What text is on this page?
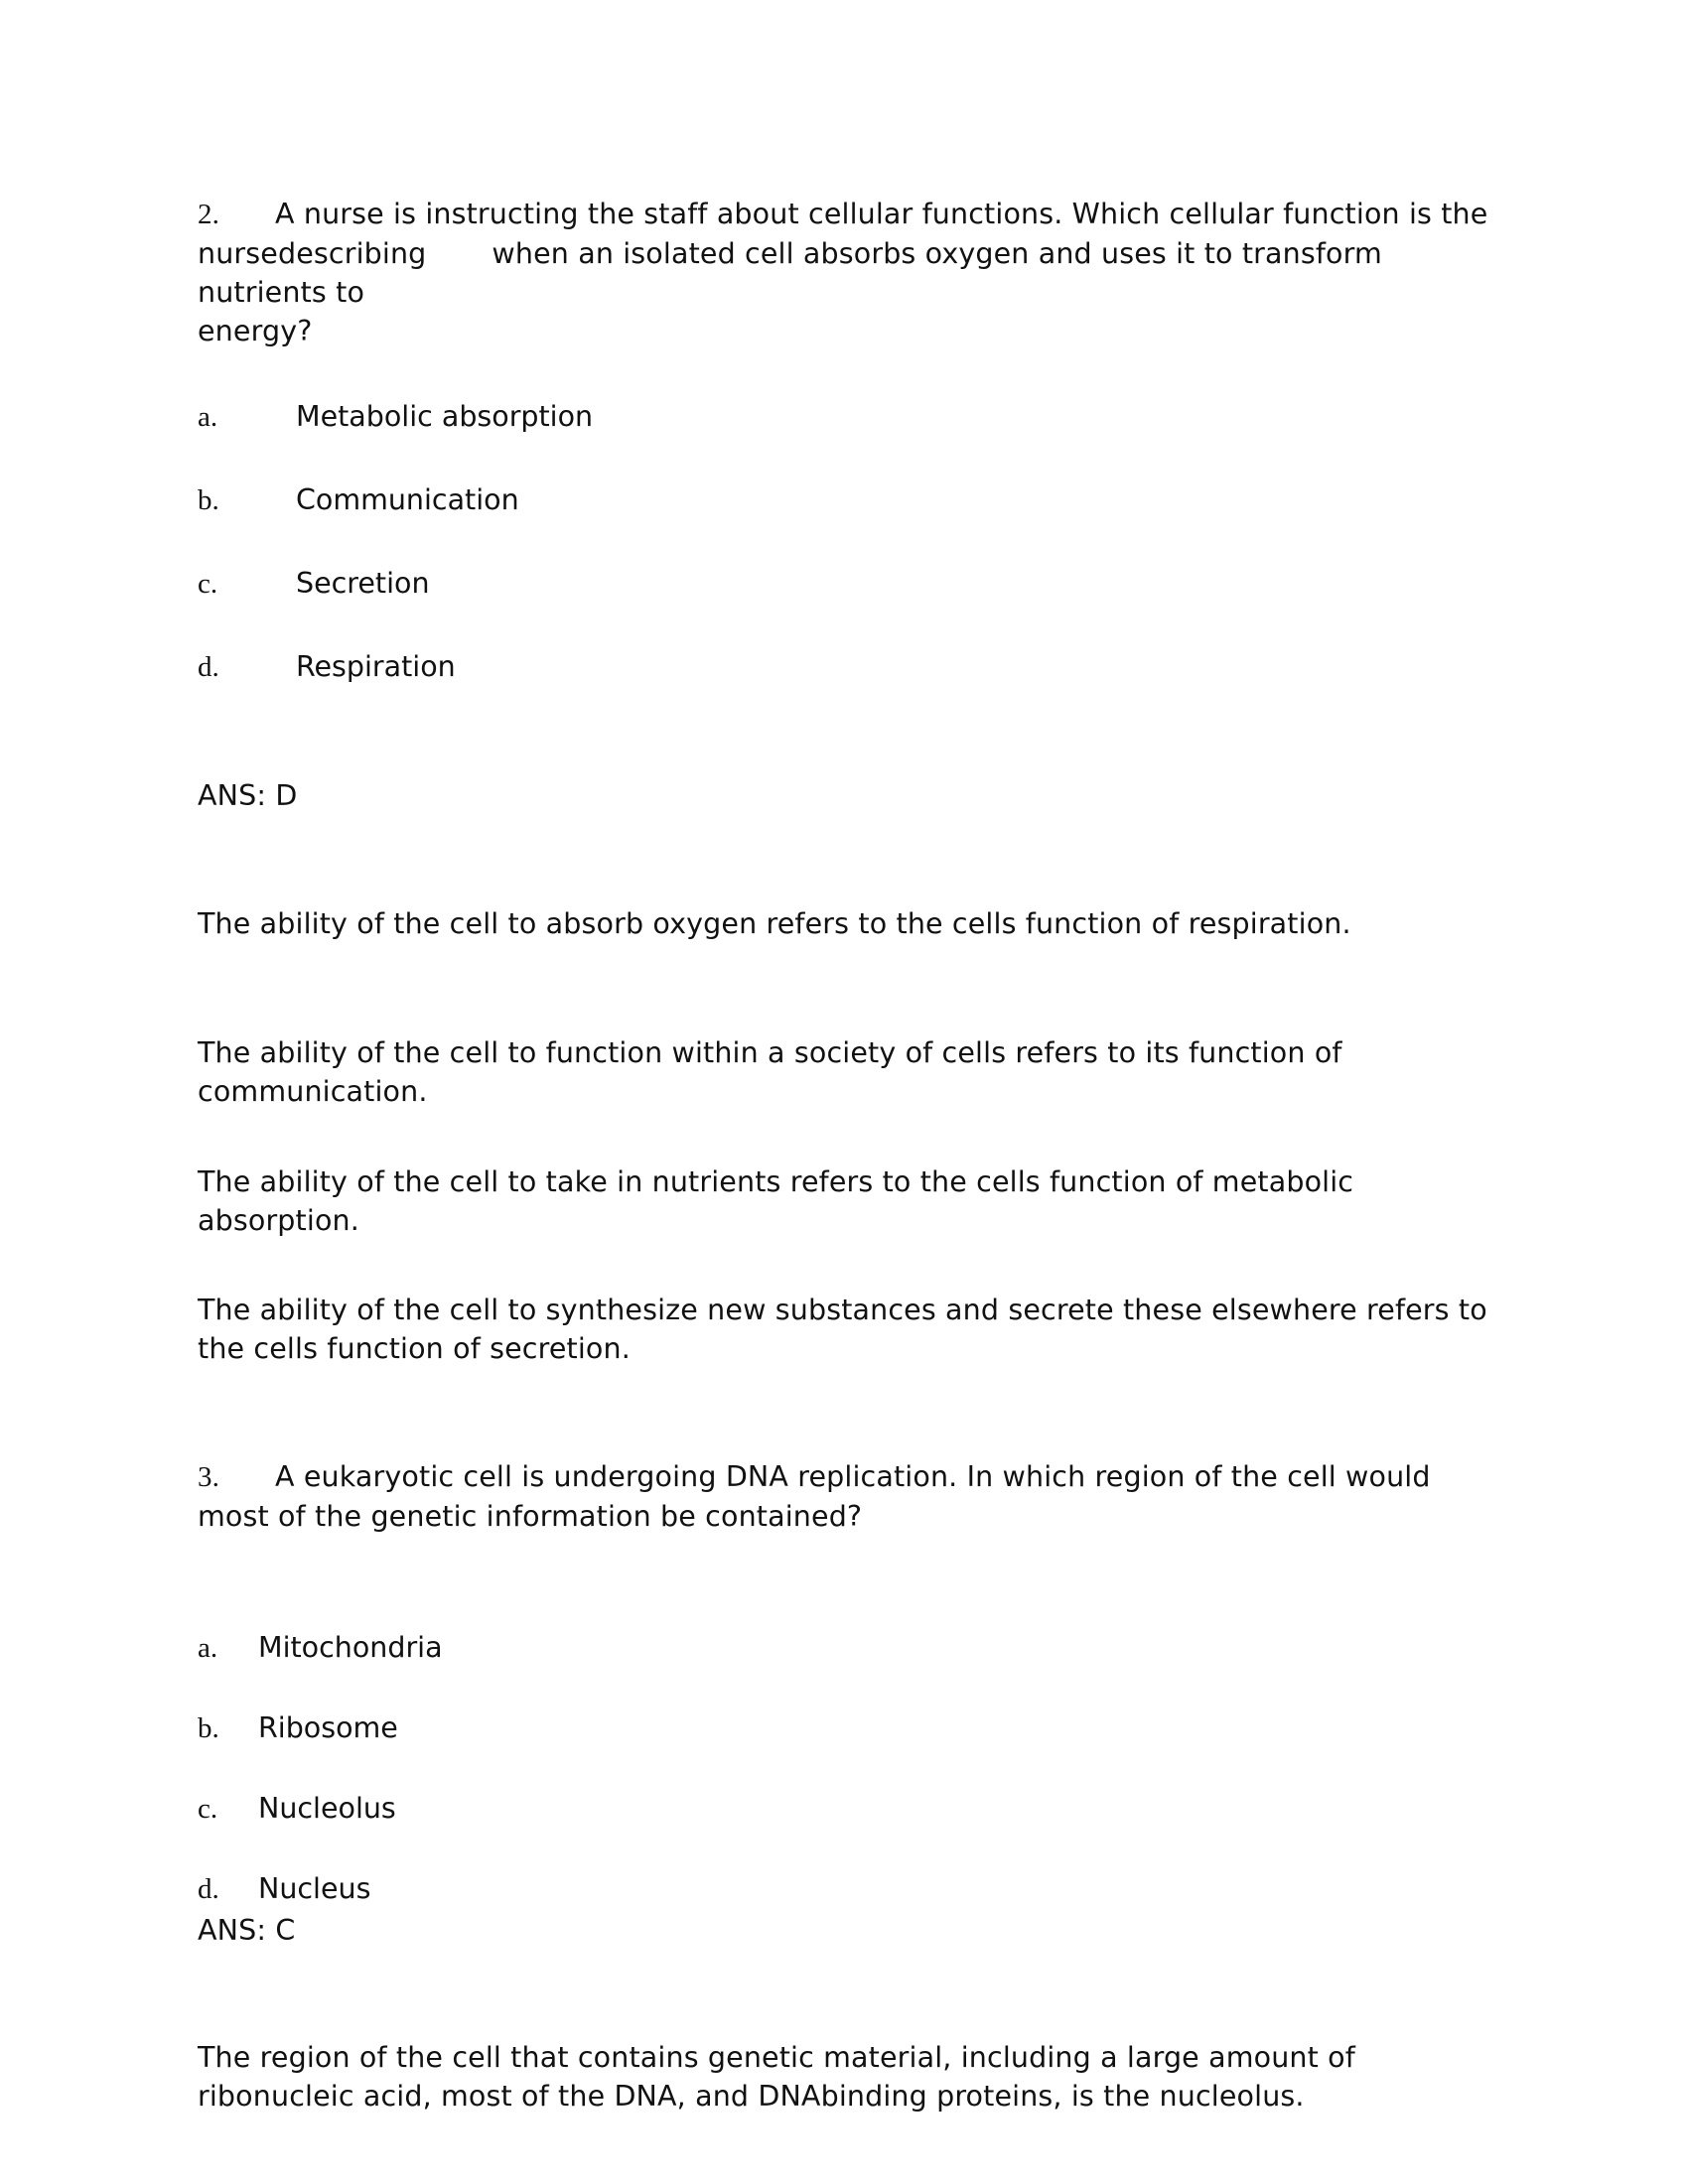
2. A nurse is instructing the staff about cellular functions. Which cellular function is the
nursedescribing when an isolated cell absorbs oxygen and uses it to transform nutrients to
energy?
a.	Metabolic absorption
b.	Communication
c.	Secretion
d.	Respiration
ANS: D
The ability of the cell to absorb oxygen refers to the cells function of respiration.
The ability of the cell to function within a society of cells refers to its function of communication.
The ability of the cell to take in nutrients refers to the cells function of metabolic absorption.
The ability of the cell to synthesize new substances and secrete these elsewhere refers to the cells function of secretion.
3. A eukaryotic cell is undergoing DNA replication. In which region of the cell would most of the genetic information be contained?
a. Mitochondria
b. Ribosome
c. Nucleolus
d. Nucleus
ANS: C
The region of the cell that contains genetic material, including a large amount of ribonucleic acid, most of the DNA, and DNAbinding proteins, is the nucleolus.
